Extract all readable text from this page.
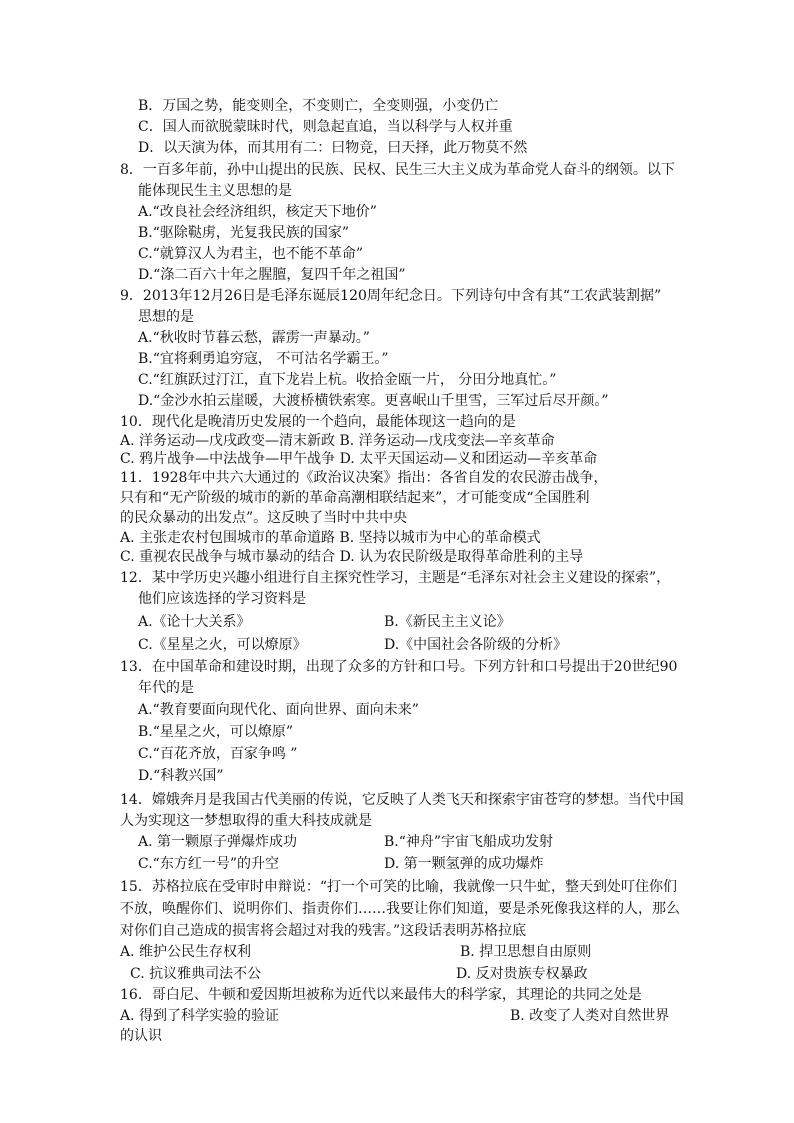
B．万国之势，能变则全，不变则亡，全变则强，小变仍亡

C．国人而欲脱蒙昧时代，则急起直追，当以科学与人权并重

D．以天演为体，而其用有二：曰物竞，曰天择，此万物莫不然

8．一百多年前，孙中山提出的民族、民权、民生三大主义成为革命党人奋斗的纲领。以下

能体现民生主义思想的是

A.“改良社会经济组织，核定天下地价”

B.“驱除鞑虏，光复我民族的国家”

C.“就算汉人为君主，也不能不革命”

D.“涤二百六十年之腥膻，复四千年之祖国”

9．2013年12月26日是毛泽东诞辰120周年纪念日。下列诗句中含有其“工农武装割据”

思想的是

A.“秋收时节暮云愁，霹雳一声暴动。”

B.“宜将剩勇追穷寇， 不可沽名学霸王。”

C.“红旗跃过汀江，直下龙岩上杭。收拾金瓯一片， 分田分地真忙。”

D.“金沙水拍云崖暖，大渡桥横铁索寒。更喜岷山千里雪，三军过后尽开颜。”

10．现代化是晚清历史发展的一个趋向，最能体现这一趋向的是

A. 洋务运动—戊戌政变—清末新政 B. 洋务运动—戊戌变法—辛亥革命

C. 鸦片战争—中法战争—甲午战争 D. 太平天国运动—义和团运动—辛亥革命

11．1928年中共六大通过的《政治议决案》指出：各省自发的农民游击战争，

只有和“无产阶级的城市的新的革命高潮相联结起来”，才可能变成“全国胜利

的民众暴动的出发点”。这反映了当时中共中央

A. 主张走农村包围城市的革命道路 B. 坚持以城市为中心的革命模式

C. 重视农民战争与城市暴动的结合 D. 认为农民阶级是取得革命胜利的主导

12．某中学历史兴趣小组进行自主探究性学习，主题是“毛泽东对社会主义建设的探索”，

他们应该选择的学习资料是

A.《论十大关系》	B.《新民主主义论》

C.《星星之火，可以燎原》	D.《中国社会各阶级的分析》

13．在中国革命和建设时期，出现了众多的方针和口号。下列方针和口号提出于20世纪90

年代的是

A.“教育要面向现代化、面向世界、面向未来”

B.“星星之火，可以燎原”

C.“百花齐放，百家争鸣 ”

D.“科教兴国”

14．嫦娥奔月是我国古代美丽的传说，它反映了人类飞天和探索宇宙苍穹的梦想。当代中国

人为实现这一梦想取得的重大科技成就是

A. 第一颗原子弹爆炸成功	B.“神舟”宇宙飞船成功发射

C.“东方红一号”的升空	D. 第一颗氢弹的成功爆炸

15．苏格拉底在受审时申辩说：“打一个可笑的比喻，我就像一只牛虻，整天到处叮住你们

不放，唤醒你们、说明你们、指责你们……我要让你们知道，要是杀死像我这样的人，那么

对你们自己造成的损害将会超过对我的残害。”这段话表明苏格拉底

A. 维护公民生存权利	B. 捍卫思想自由原则

C. 抗议雅典司法不公	D. 反对贵族专权暴政

16．哥白尼、牛顿和爱因斯坦被称为近代以来最伟大的科学家，其理论的共同之处是

A. 得到了科学实验的验证	B. 改变了人类对自然世界

的认识
